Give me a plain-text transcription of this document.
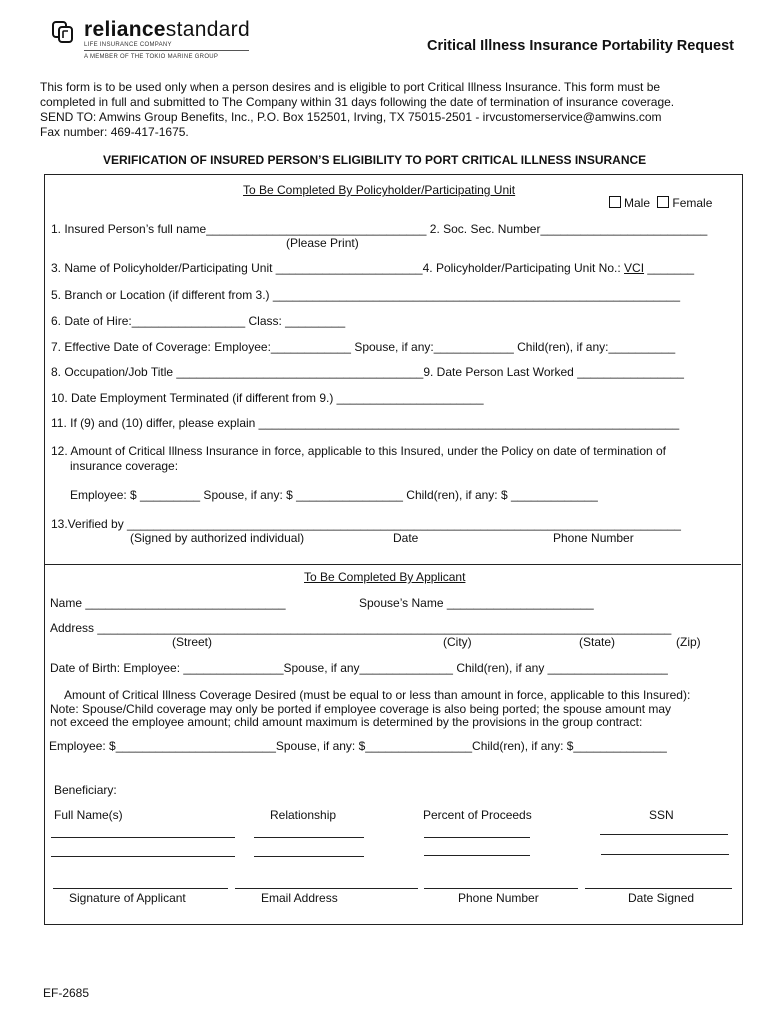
reliancestandard
LIFE INSURANCE COMPANY
A MEMBER OF THE TOKIO MARINE GROUP
Critical Illness Insurance Portability Request
This form is to be used only when a person desires and is eligible to port Critical Illness Insurance. This form must be
completed in full and submitted to The Company within 31 days following the date of termination of insurance coverage.
SEND TO: Amwins Group Benefits, Inc., P.O. Box 152501, Irving, TX 75015-2501 - irvcustomerservice@amwins.com
Fax number: 469-417-1675.
VERIFICATION OF INSURED PERSON’S ELIGIBILITY TO PORT CRITICAL ILLNESS INSURANCE
To Be Completed By Policyholder/Participating Unit
Male Female
1. Insured Person’s full name_________________________________ 2. Soc. Sec. Number_________________________
(Please Print)
3. Name of Policyholder/Participating Unit ______________________4. Policyholder/Participating Unit No.: VCI _______
5. Branch or Location (if different from 3.) _____________________________________________________________
6. Date of Hire:_________________ Class: _________
7. Effective Date of Coverage: Employee:____________ Spouse, if any:____________ Child(ren), if any:__________
8. Occupation/Job Title _____________________________________9. Date Person Last Worked ________________
10. Date Employment Terminated (if different from 9.) ______________________
11. If (9) and (10) differ, please explain _______________________________________________________________
12. Amount of Critical Illness Insurance in force, applicable to this Insured, under the Policy on date of termination of
insurance coverage:
Employee: $ _________ Spouse, if any: $ ________________ Child(ren), if any: $ _____________
13.Verified by ___________________________________________________________________________________
(Signed by authorized individual)	Date	Phone Number
To Be Completed By Applicant
Name ______________________________	Spouse’s Name ______________________
Address ______________________________________________________________________________________
(Street)	(City)	(State)	(Zip)
Date of Birth: Employee: _______________Spouse, if any______________ Child(ren), if any __________________
Amount of Critical Illness Coverage Desired (must be equal to or less than amount in force, applicable to this Insured):
Note: Spouse/Child coverage may only be ported if employee coverage is also being ported; the spouse amount may
not exceed the employee amount; child amount maximum is determined by the provisions in the group contract:
Employee: $________________________Spouse, if any: $________________Child(ren), if any: $______________
Beneficiary:
Full Name(s)	Relationship	Percent of Proceeds	SSN
Signature of Applicant	Email Address	Phone Number	Date Signed
EF-2685
